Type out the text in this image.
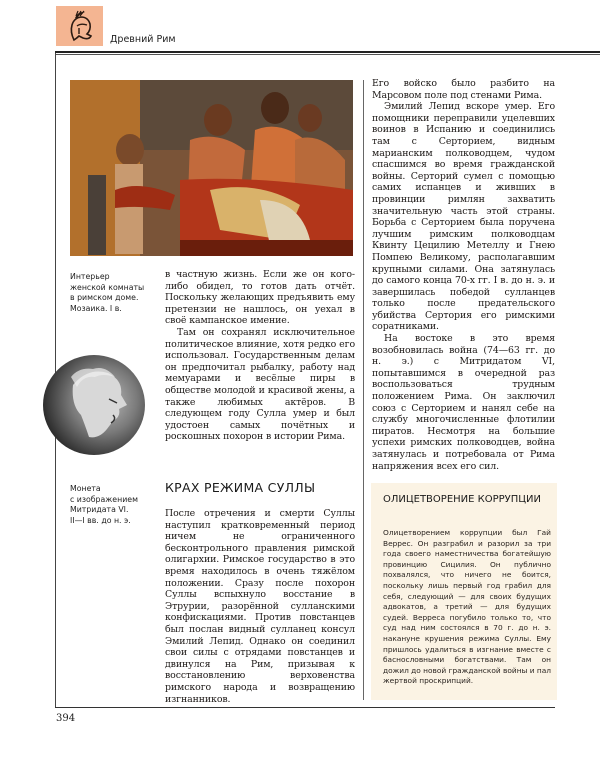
Древний Рим
Интерьер
женской комнаты
в римском доме.
Мозаика. I в.
Монета
с изображением
Митридата VI.
II—I вв. до н. э.

в частную жизнь. Если же он кого-либо обидел, то готов дать отчёт. Поскольку желающих предъявить ему претензии не нашлось, он уехал в своё кампанское имение.

Там он сохранял исключительное политическое влияние, хотя редко его использовал. Государственным делам он предпочитал рыбалку, работу над мемуарами и весёлые пиры в обществе молодой и красивой жены, а также любимых актёров. В следующем году Сулла умер и был удостоен самых почётных и роскошных похорон в истории Рима.

КРАХ РЕЖИМА СУЛЛЫ

После отречения и смерти Суллы наступил кратковременный период ничем не ограниченного бесконтрольного правления римской олигархии. Римское государство в это время находилось в очень тяжёлом положении. Сразу после похорон Суллы вспыхнуло восстание в Этрурии, разорённой сулланскими конфискациями. Против повстанцев был послан видный сулланец консул Эмилий Лепид. Однако он соединил свои силы с отрядами повстанцев и двинулся на Рим, призывая к восстановлению верховенства римского народа и возвращению изгнанников.

Его войско было разбито на Марсовом поле под стенами Рима.

Эмилий Лепид вскоре умер. Его помощники переправили уцелевших воинов в Испанию и соединились там с Серторием, видным марианским полководцем, чудом спасшимся во время гражданской войны. Серторий сумел с помощью самих испанцев и живших в провинции римлян захватить значительную часть этой страны. Борьба с Серторием была поручена лучшим римским полководцам Квинту Цецилию Метеллу и Гнею Помпею Великому, располагавшим крупными силами. Она затянулась до самого конца 70-х гг. I в. до н. э. и завершилась победой сулланцев только после предательского убийства Сертория его римскими соратниками.

На востоке в это время возобновилась война (74—63 гг. до н. э.) с Митридатом VI, попытавшимся в очередной раз воспользоваться трудным положением Рима. Он заключил союз с Серторием и нанял себе на службу многочисленные флотилии пиратов. Несмотря на большие успехи римских полководцев, война затянулась и потребовала от Рима напряжения всех его сил.

ОЛИЦЕТВОРЕНИЕ КОРРУПЦИИ
Олицетворением коррупции был Гай Веррес. Он разграбил и разорил за три года своего наместничества богатейшую провинцию Сицилия. Он публично похвалялся, что ничего не боится, поскольку лишь первый год грабил для себя, следующий — для своих будущих адвокатов, а третий — для будущих судей. Верреса погубило только то, что суд над ним состоялся в 70 г. до н. э. накануне крушения режима Суллы. Ему пришлось удалиться в изгнание вместе с баснословными богатствами. Там он дожил до новой гражданской войны и пал жертвой проскрипций.
394
